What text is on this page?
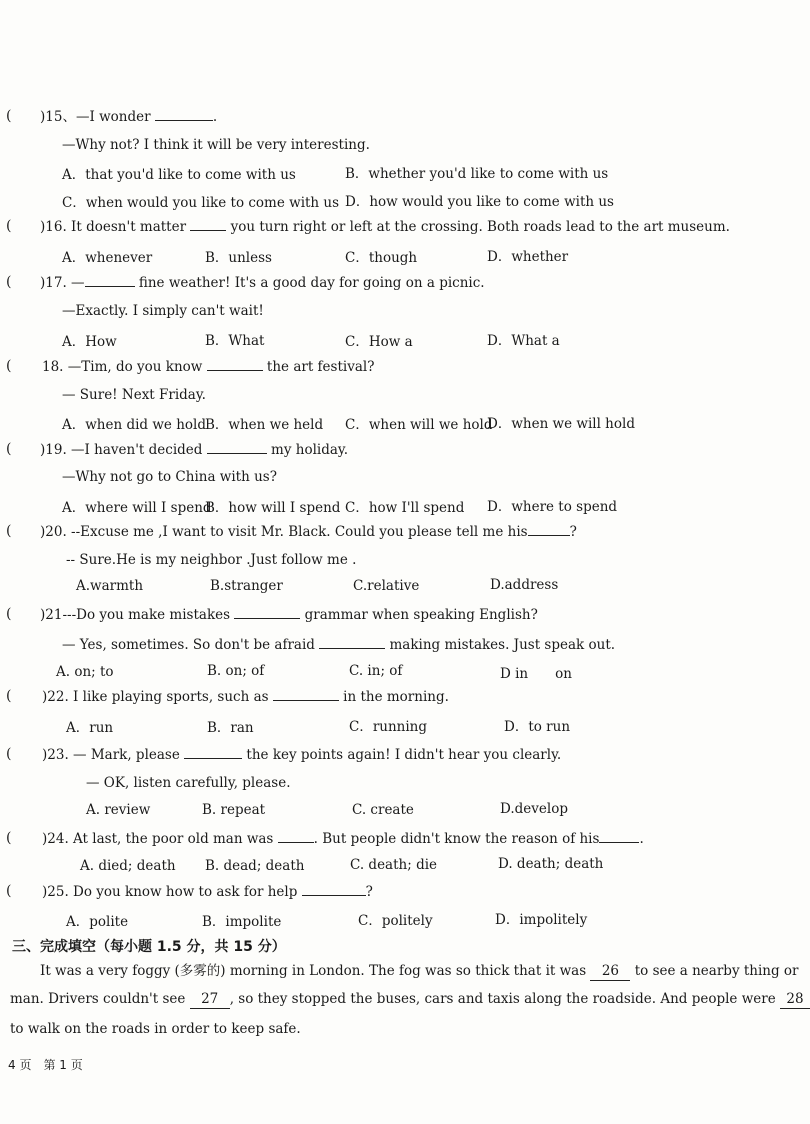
( )15、—I wonder	.
—Why not? I think it will be very interesting.
A．that you'd like to come with us	B．whether you'd like to come with us
C．when would you like to come with us D．how would you like to come with us
( )16. It doesn't matter	you turn right or left at the crossing. Both roads lead to the art museum.
A．whenever	B．unless	C．though	D．whether
( )17. —	fine weather! It's a good day for going on a picnic.
—Exactly. I simply can't wait!
A．How	B．What	C．How a	D．What a
( 18. —Tim, do you know	the art festival?
— Sure! Next Friday.
A．when did we hold B．when we held C．when will we hold
D．when we will hold
( )19. —I haven't decided	my holiday.
—Why not go to China with us?
A．where will I spend
B．how will I spend C．how I'll spend D．where to spend
( )20. --Excuse me ,I want to visit Mr. Black. Could you please tell me his	?
-- Sure.He is my neighbor .Just follow me .
A.warmth	B.stranger	C.relative	D.address
( )21---Do you make mistakes	grammar when speaking English?
— Yes, sometimes. So don't be afraid	making mistakes. Just speak out.
A. on; to	B. on; of	C. in; of	D in　　on
( )22. I like playing sports, such as	in the morning.
A．run	B．ran	C．running	D．to run
( )23. — Mark, please	the key points again! I didn't hear you clearly.
— OK, listen carefully, please.
A. review	B. repeat	C. create	D.develop
( )24. At last, the poor old man was	. But people didn't know the reason of his	.
A. died; death B. dead; death	C. death; die	D. death; death
( )25. Do you know how to ask for help	?
A．polite	B．impolite	C．politely	D．impolitely
三、完成填空（每小题 1.5 分，共 15 分）
It was a very foggy (多雾的) morning in London. The fog was so thick that it was 26 to see a nearby thing or
man. Drivers couldn't see 27 , so they stopped the buses, cars and taxis along the roadside. And people were 28
to walk on the roads in order to keep safe.
4 页　第 1 页
